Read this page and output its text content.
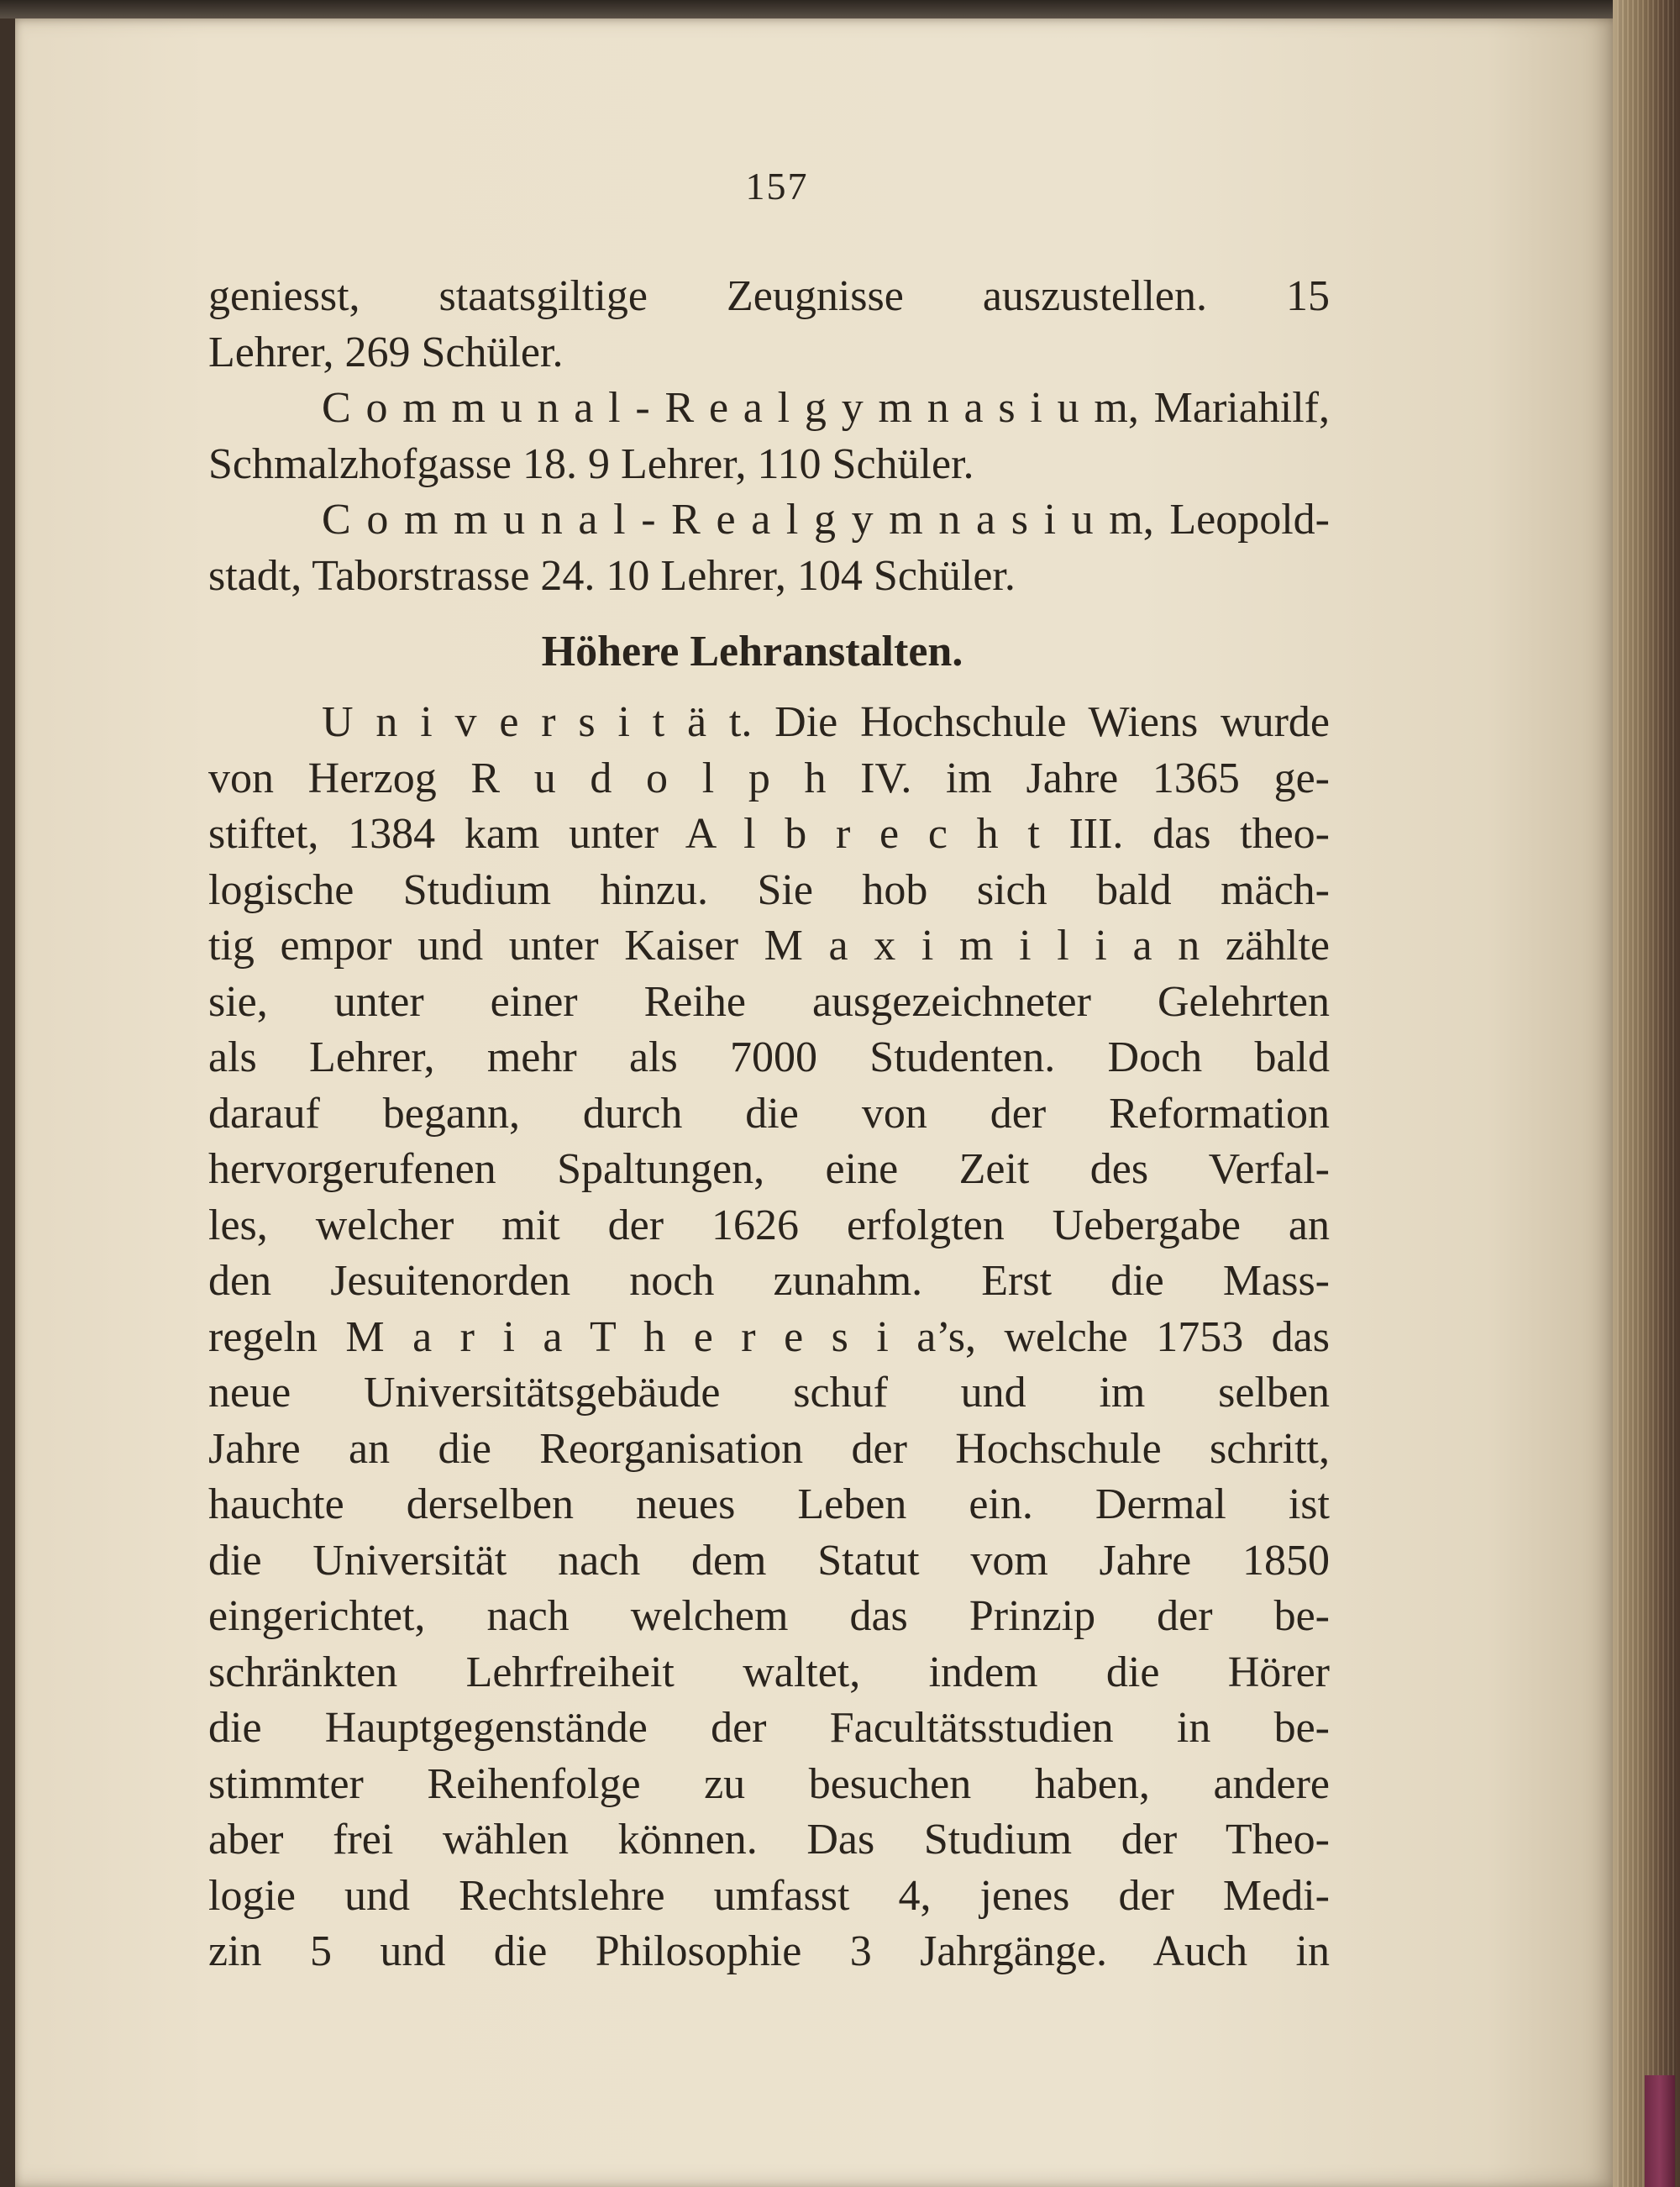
157
geniesst, staatsgiltige Zeugnisse auszustellen. 15
Lehrer, 269 Schüler.
C o m m u n a l - R e a l g y m n a s i u m, Mariahilf,
Schmalzhofgasse 18. 9 Lehrer, 110 Schüler.
C o m m u n a l - R e a l g y m n a s i u m, Leopold-
stadt, Taborstrasse 24. 10 Lehrer, 104 Schüler.
Höhere Lehranstalten.
U n i v e r s i t ä t. Die Hochschule Wiens wurde
von Herzog R u d o l p h IV. im Jahre 1365 ge-
stiftet, 1384 kam unter A l b r e c h t III. das theo-
logische Studium hinzu. Sie hob sich bald mäch-
tig empor und unter Kaiser M a x i m i l i a n zählte
sie, unter einer Reihe ausgezeichneter Gelehrten
als Lehrer, mehr als 7000 Studenten. Doch bald
darauf begann, durch die von der Reformation
hervorgerufenen Spaltungen, eine Zeit des Verfal-
les, welcher mit der 1626 erfolgten Uebergabe an
den Jesuitenorden noch zunahm. Erst die Mass-
regeln M a r i a T h e r e s i a’s, welche 1753 das
neue Universitätsgebäude schuf und im selben
Jahre an die Reorganisation der Hochschule schritt,
hauchte derselben neues Leben ein. Dermal ist
die Universität nach dem Statut vom Jahre 1850
eingerichtet, nach welchem das Prinzip der be-
schränkten Lehrfreiheit waltet, indem die Hörer
die Hauptgegenstände der Facultätsstudien in be-
stimmter Reihenfolge zu besuchen haben, andere
aber frei wählen können. Das Studium der Theo-
logie und Rechtslehre umfasst 4, jenes der Medi-
zin 5 und die Philosophie 3 Jahrgänge. Auch in
